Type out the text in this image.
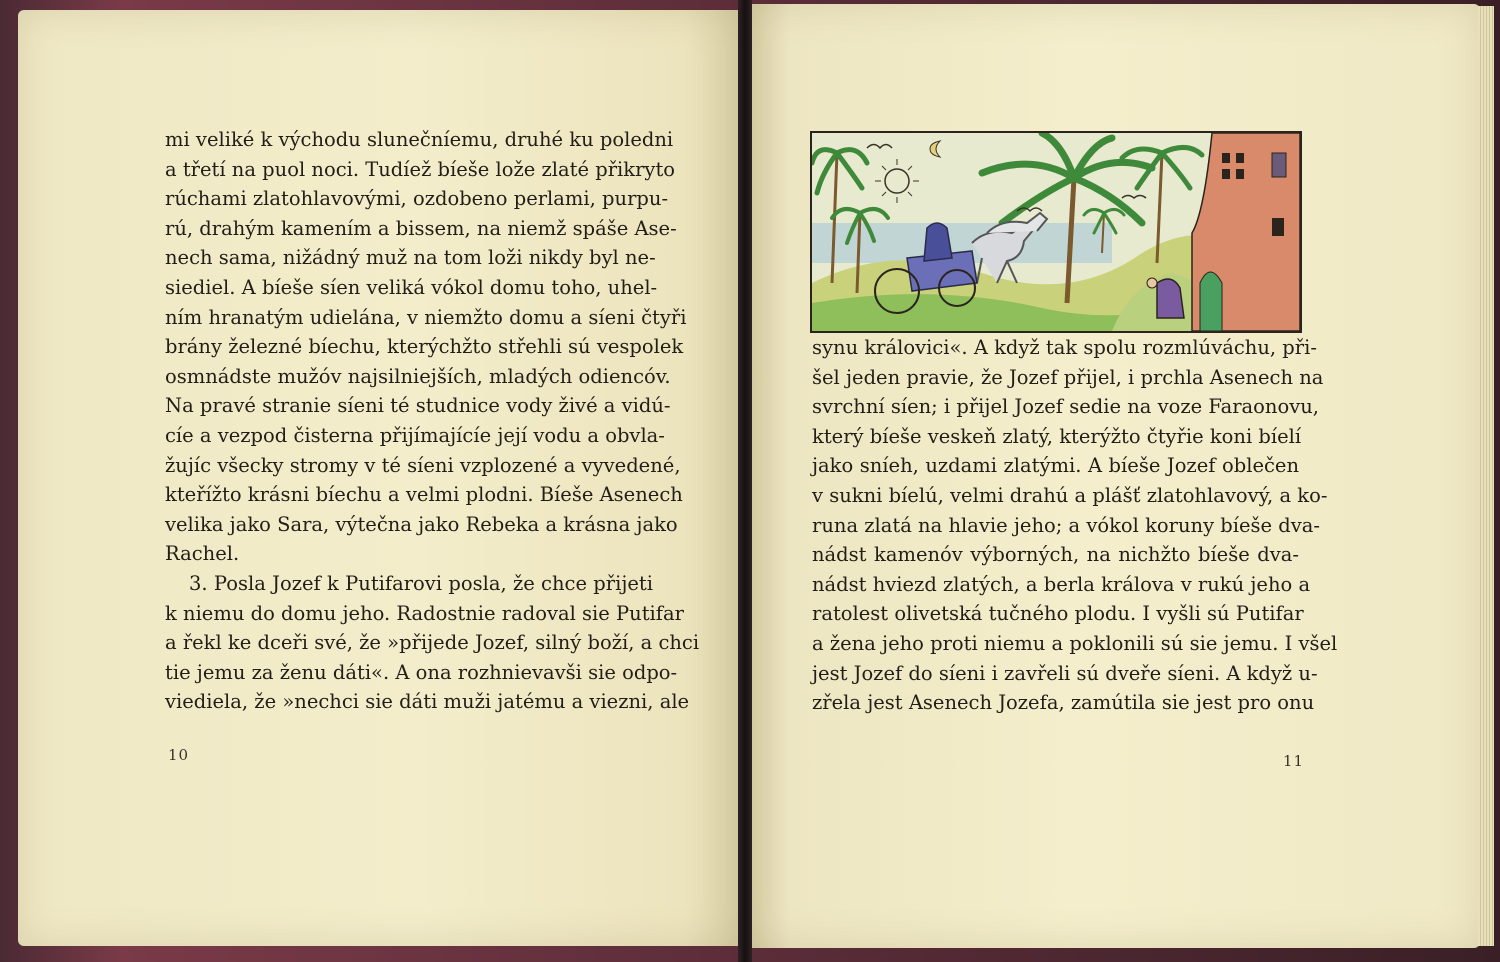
mi veliké k východu slunečníemu, druhé ku poledni
a třetí na puol noci. Tudíež bíeše lože zlaté přikryto
rúchami zlatohlavovými, ozdobeno perlami, purpu-
rú, drahým kamením a bissem, na niemž spáše Ase-
nech sama, nižádný muž na tom loži nikdy byl ne-
siediel. A bíeše síen veliká vókol domu toho, uhel-
ním hranatým udielána, v niemžto domu a síeni čtyři
brány železné bíechu, kterýchžto střehli sú vespolek
osmnádste mužóv najsilniejších, mladých odiencóv.
Na pravé stranie síeni té studnice vody živé a vidú-
cíe a vezpod čisterna přijímajícíe její vodu a obvla-
žujíc všecky stromy v té síeni vzplozené a vyvedené,
kteřížto krásni bíechu a velmi plodni. Bíeše Asenech
velika jako Sara, výtečna jako Rebeka a krásna jako
Rachel.
3. Posla Jozef k Putifarovi posla, že chce přijeti
k niemu do domu jeho. Radostnie radoval sie Putifar
a řekl ke dceři své, že »přijede Jozef, silný boží, a chci
tie jemu za ženu dáti«. A ona rozhnievavši sie odpo-
viediela, že »nechci sie dáti muži jatému a viezni, ale
10
synu královici«. A když tak spolu rozmlúváchu, při-
šel jeden pravie, že Jozef přijel, i prchla Asenech na
svrchní síen; i přijel Jozef sedie na voze Faraonovu,
který bíeše veskeň zlatý, kterýžto čtyřie koni bíelí
jako sníeh, uzdami zlatými. A bíeše Jozef oblečen
v sukni bíelú, velmi drahú a plášť zlatohlavový, a ko-
runa zlatá na hlavie jeho; a vókol koruny bíeše dva-
nádst kamenóv výborných, na nichžto bíeše dva-
nádst hviezd zlatých, a berla králova v rukú jeho a
ratolest olivetská tučného plodu. I vyšli sú Putifar
a žena jeho proti niemu a poklonili sú sie jemu. I všel
jest Jozef do síeni i zavřeli sú dveře síeni. A když u-
zřela jest Asenech Jozefa, zamútila sie jest pro onu
11
